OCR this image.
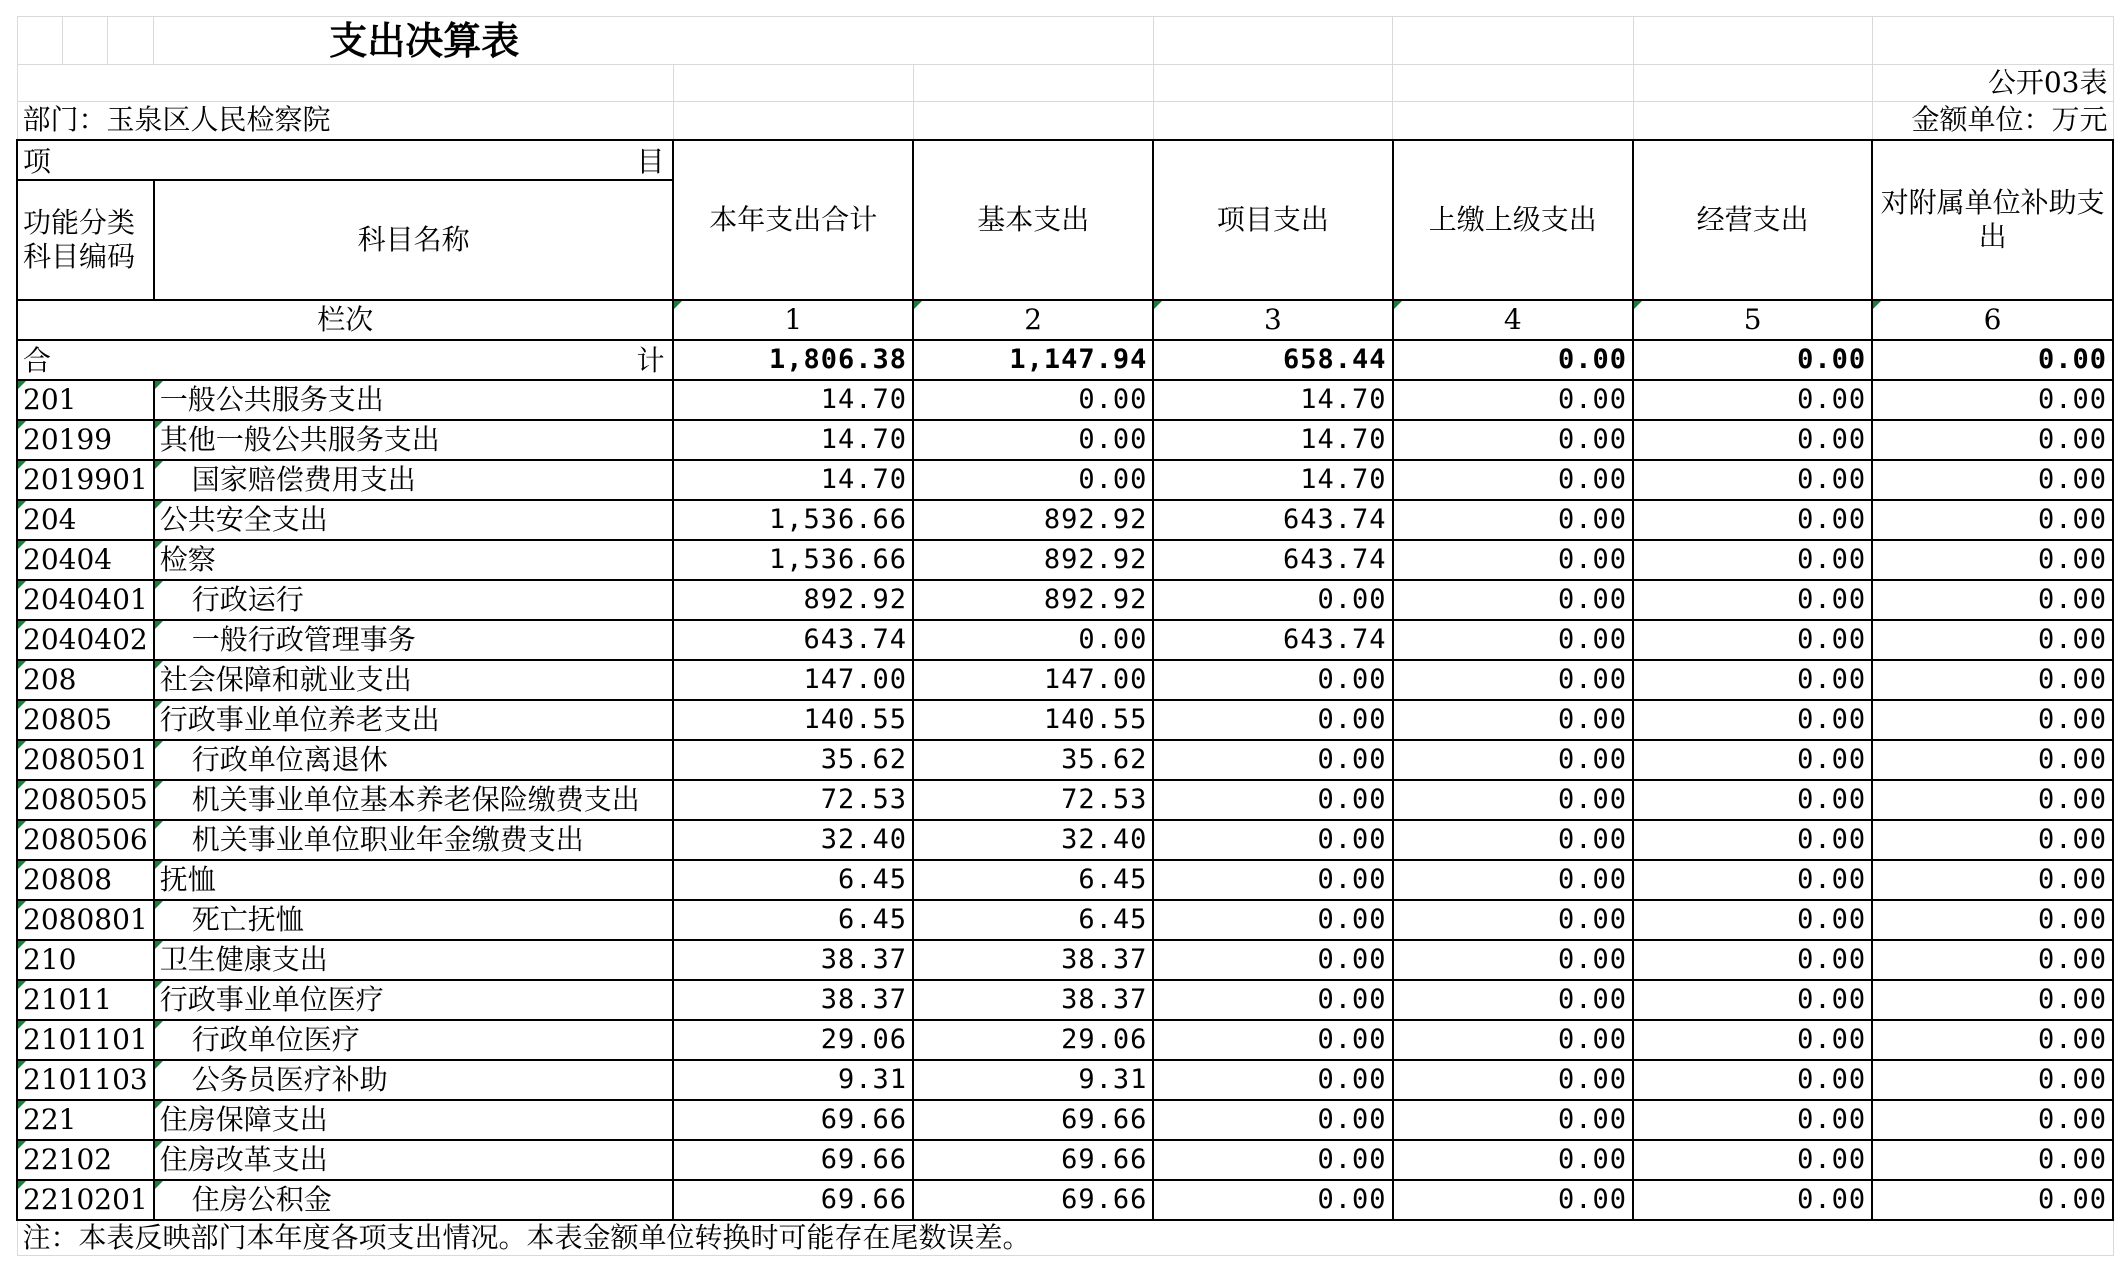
			支出决算表						
									公开03表
部门：玉泉区人民检察院									金额单位：万元

项 目				本年支出合计	基本支出	项目支出	上缴上级支出	经营支出	对附属单位补助支出
功能分类科目编码			科目名称						
栏次				1	2	3	4	5	6

合 计				1,806.38	1,147.94	658.44	0.00	0.00	0.00
201			一般公共服务支出	14.70	0.00	14.70	0.00	0.00	0.00
20199			其他一般公共服务支出	14.70	0.00	14.70	0.00	0.00	0.00
2019901			国家赔偿费用支出	14.70	0.00	14.70	0.00	0.00	0.00
204			公共安全支出	1,536.66	892.92	643.74	0.00	0.00	0.00
20404			检察	1,536.66	892.92	643.74	0.00	0.00	0.00
2040401			行政运行	892.92	892.92	0.00	0.00	0.00	0.00
2040402			一般行政管理事务	643.74	0.00	643.74	0.00	0.00	0.00
208			社会保障和就业支出	147.00	147.00	0.00	0.00	0.00	0.00
20805			行政事业单位养老支出	140.55	140.55	0.00	0.00	0.00	0.00
2080501			行政单位离退休	35.62	35.62	0.00	0.00	0.00	0.00
2080505			机关事业单位基本养老保险缴费支出	72.53	72.53	0.00	0.00	0.00	0.00
2080506			机关事业单位职业年金缴费支出	32.40	32.40	0.00	0.00	0.00	0.00
20808			抚恤	6.45	6.45	0.00	0.00	0.00	0.00
2080801			死亡抚恤	6.45	6.45	0.00	0.00	0.00	0.00
210			卫生健康支出	38.37	38.37	0.00	0.00	0.00	0.00
21011			行政事业单位医疗	38.37	38.37	0.00	0.00	0.00	0.00
2101101			行政单位医疗	29.06	29.06	0.00	0.00	0.00	0.00
2101103			公务员医疗补助	9.31	9.31	0.00	0.00	0.00	0.00
221			住房保障支出	69.66	69.66	0.00	0.00	0.00	0.00
22102			住房改革支出	69.66	69.66	0.00	0.00	0.00	0.00
2210201			住房公积金	69.66	69.66	0.00	0.00	0.00	0.00
注：本表反映部门本年度各项支出情况。本表金额单位转换时可能存在尾数误差。									
